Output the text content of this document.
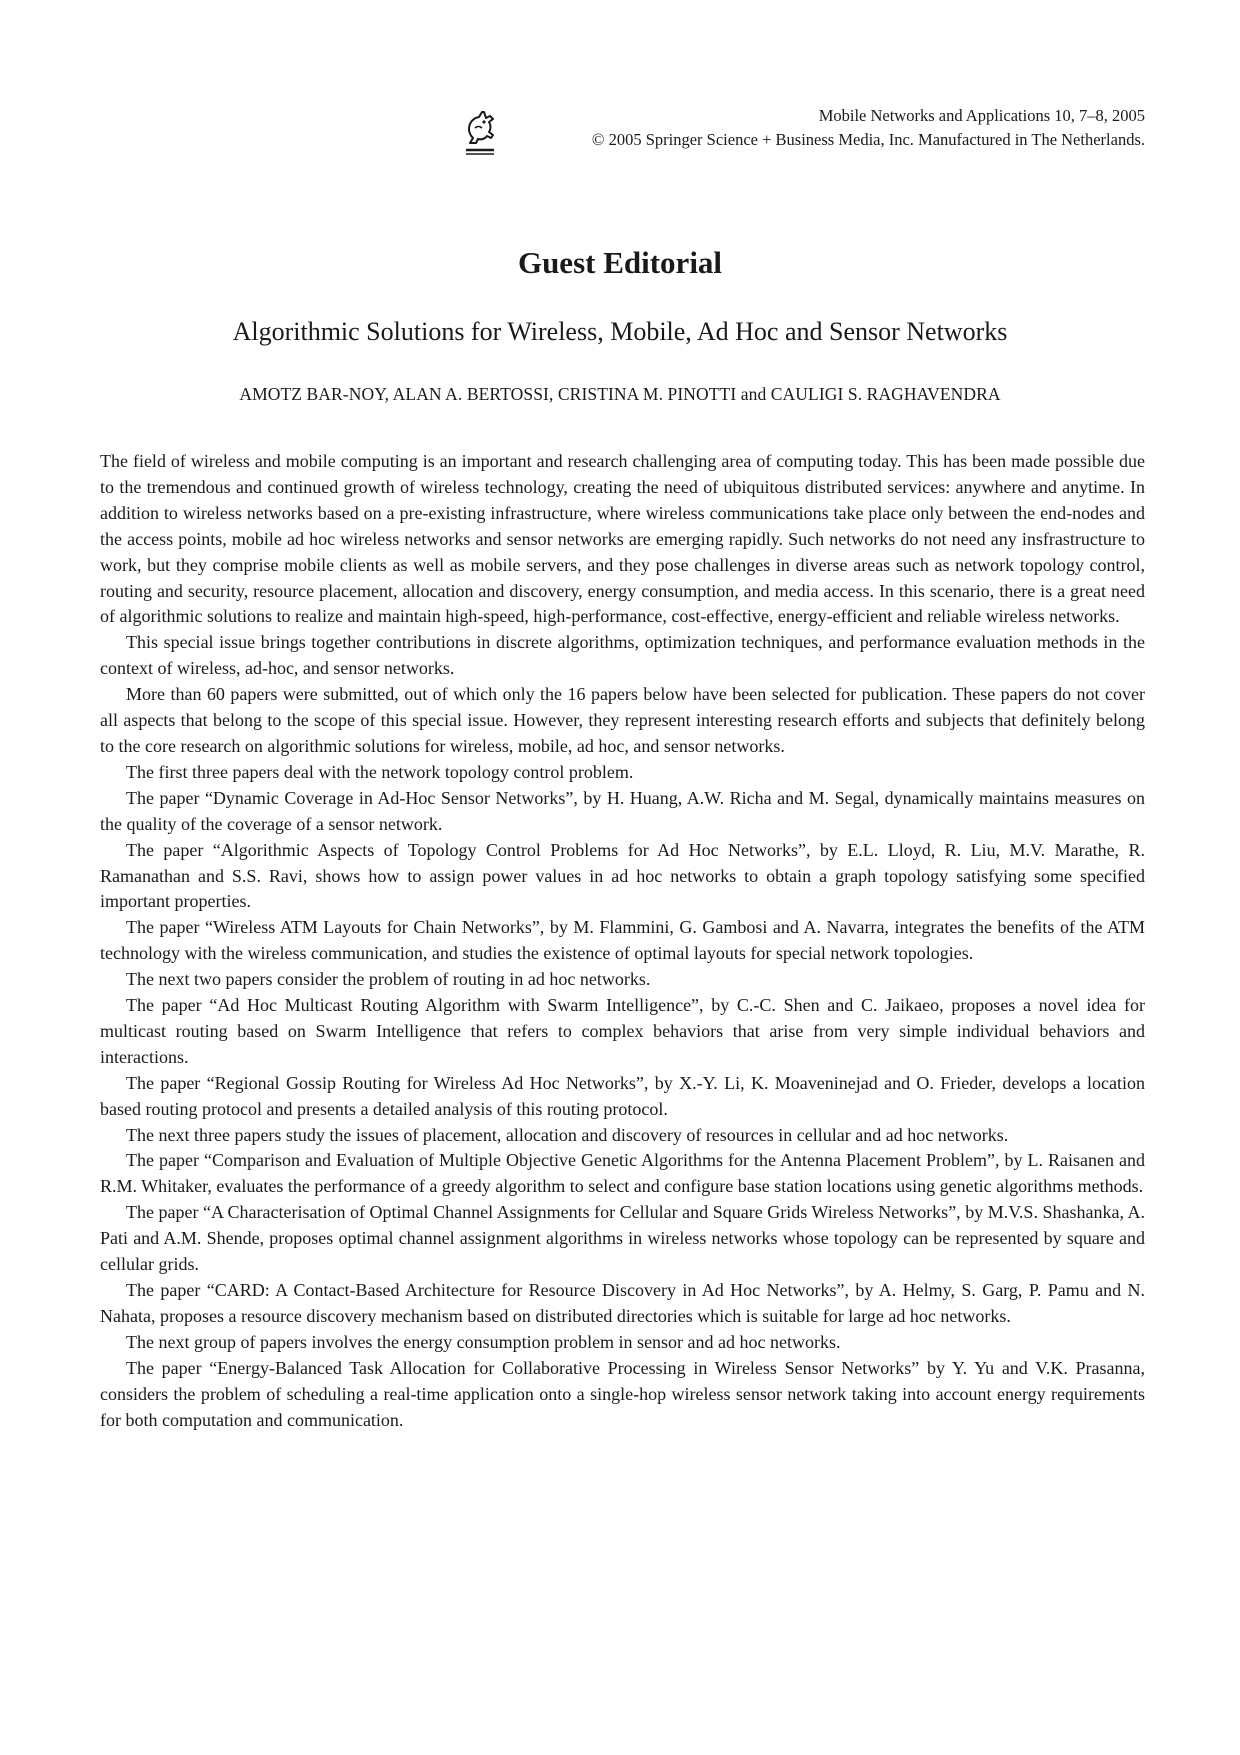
Mobile Networks and Applications 10, 7–8, 2005
© 2005 Springer Science + Business Media, Inc. Manufactured in The Netherlands.
Guest Editorial
Algorithmic Solutions for Wireless, Mobile, Ad Hoc and Sensor Networks
AMOTZ BAR-NOY, ALAN A. BERTOSSI, CRISTINA M. PINOTTI and CAULIGI S. RAGHAVENDRA

The field of wireless and mobile computing is an important and research challenging area of computing today. This has been made possible due to the tremendous and continued growth of wireless technology, creating the need of ubiquitous distributed services: anywhere and anytime. In addition to wireless networks based on a pre-existing infrastructure, where wireless communications take place only between the end-nodes and the access points, mobile ad hoc wireless networks and sensor networks are emerging rapidly. Such networks do not need any insfrastructure to work, but they comprise mobile clients as well as mobile servers, and they pose challenges in diverse areas such as network topology control, routing and security, resource placement, allocation and discovery, energy consumption, and media access. In this scenario, there is a great need of algorithmic solutions to realize and maintain high-speed, high-performance, cost-effective, energy-efficient and reliable wireless networks.

This special issue brings together contributions in discrete algorithms, optimization techniques, and performance evaluation methods in the context of wireless, ad-hoc, and sensor networks.

More than 60 papers were submitted, out of which only the 16 papers below have been selected for publication. These papers do not cover all aspects that belong to the scope of this special issue. However, they represent interesting research efforts and subjects that definitely belong to the core research on algorithmic solutions for wireless, mobile, ad hoc, and sensor networks.

The first three papers deal with the network topology control problem.

The paper “Dynamic Coverage in Ad-Hoc Sensor Networks”, by H. Huang, A.W. Richa and M. Segal, dynamically maintains measures on the quality of the coverage of a sensor network.

The paper “Algorithmic Aspects of Topology Control Problems for Ad Hoc Networks”, by E.L. Lloyd, R. Liu, M.V. Marathe, R. Ramanathan and S.S. Ravi, shows how to assign power values in ad hoc networks to obtain a graph topology satisfying some specified important properties.

The paper “Wireless ATM Layouts for Chain Networks”, by M. Flammini, G. Gambosi and A. Navarra, integrates the benefits of the ATM technology with the wireless communication, and studies the existence of optimal layouts for special network topologies.

The next two papers consider the problem of routing in ad hoc networks.

The paper “Ad Hoc Multicast Routing Algorithm with Swarm Intelligence”, by C.-C. Shen and C. Jaikaeo, proposes a novel idea for multicast routing based on Swarm Intelligence that refers to complex behaviors that arise from very simple individual behaviors and interactions.

The paper “Regional Gossip Routing for Wireless Ad Hoc Networks”, by X.-Y. Li, K. Moaveninejad and O. Frieder, develops a location based routing protocol and presents a detailed analysis of this routing protocol.

The next three papers study the issues of placement, allocation and discovery of resources in cellular and ad hoc networks.

The paper “Comparison and Evaluation of Multiple Objective Genetic Algorithms for the Antenna Placement Problem”, by L. Raisanen and R.M. Whitaker, evaluates the performance of a greedy algorithm to select and configure base station locations using genetic algorithms methods.

The paper “A Characterisation of Optimal Channel Assignments for Cellular and Square Grids Wireless Networks”, by M.V.S. Shashanka, A. Pati and A.M. Shende, proposes optimal channel assignment algorithms in wireless networks whose topology can be represented by square and cellular grids.

The paper “CARD: A Contact-Based Architecture for Resource Discovery in Ad Hoc Networks”, by A. Helmy, S. Garg, P. Pamu and N. Nahata, proposes a resource discovery mechanism based on distributed directories which is suitable for large ad hoc networks.

The next group of papers involves the energy consumption problem in sensor and ad hoc networks.

The paper “Energy-Balanced Task Allocation for Collaborative Processing in Wireless Sensor Networks” by Y. Yu and V.K. Prasanna, considers the problem of scheduling a real-time application onto a single-hop wireless sensor network taking into account energy requirements for both computation and communication.
